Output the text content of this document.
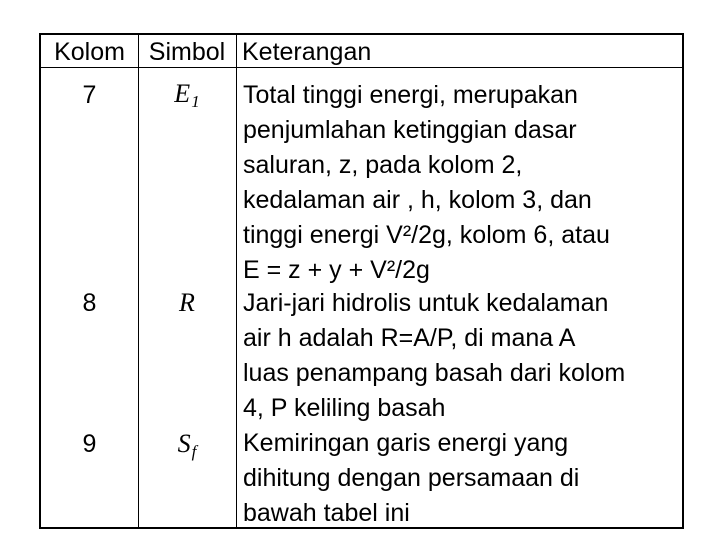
Kolom Simbol Keterangan
7	E1	Total tinggi energi, merupakan
penjumlahan ketinggian dasar
saluran, z, pada kolom 2,
kedalaman air , h, kolom 3, dan
tinggi energi V²/2g, kolom 6, atau
E = z + y + V²/2g
8	R	Jari-jari hidrolis untuk kedalaman
air h adalah R=A/P, di mana A
luas penampang basah dari kolom
4, P keliling basah
9	Sf	Kemiringan garis energi yang
dihitung dengan persamaan di
bawah tabel ini
